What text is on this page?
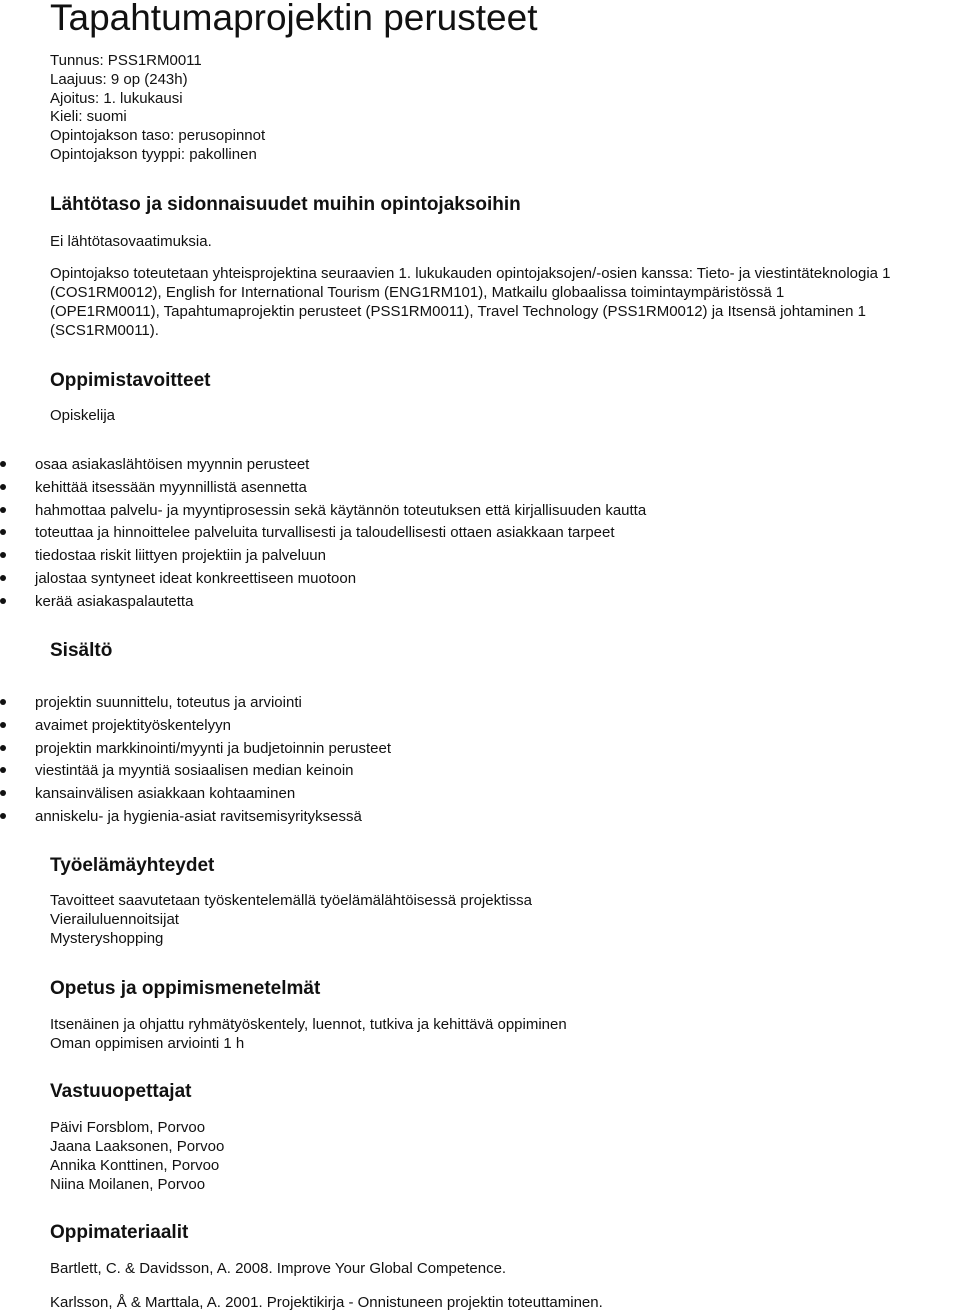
Tapahtumaprojektin perusteet
Tunnus: PSS1RM0011
Laajuus: 9 op (243h)
Ajoitus: 1. lukukausi
Kieli: suomi
Opintojakson taso: perusopinnot
Opintojakson tyyppi: pakollinen
Lähtötaso ja sidonnaisuudet muihin opintojaksoihin

Ei lähtötasovaatimuksia.

Opintojakso toteutetaan yhteisprojektina seuraavien 1. lukukauden opintojaksojen/-osien kanssa: Tieto- ja viestintäteknologia 1
(COS1RM0012), English for International Tourism (ENG1RM101), Matkailu globaalissa toimintaympäristössä 1
(OPE1RM0011), Tapahtumaprojektin perusteet (PSS1RM0011), Travel Technology (PSS1RM0012) ja Itsensä johtaminen 1
(SCS1RM0011).

Oppimistavoitteet

Opiskelija

osaa asiakaslähtöisen myynnin perusteet
kehittää itsessään myynnillistä asennetta
hahmottaa palvelu- ja myyntiprosessin sekä käytännön toteutuksen että kirjallisuuden kautta
toteuttaa ja hinnoittelee palveluita turvallisesti ja taloudellisesti ottaen asiakkaan tarpeet
tiedostaa riskit liittyen projektiin ja palveluun
jalostaa syntyneet ideat konkreettiseen muotoon
kerää asiakaspalautetta
Sisältö
projektin suunnittelu, toteutus ja arviointi
avaimet projektityöskentelyyn
projektin markkinointi/myynti ja budjetoinnin perusteet
viestintää ja myyntiä sosiaalisen median keinoin
kansainvälisen asiakkaan kohtaaminen
anniskelu- ja hygienia-asiat ravitsemisyrityksessä
Työelämäyhteydet
Tavoitteet saavutetaan työskentelemällä työelämälähtöisessä projektissa
Vierailuluennoitsijat
Mysteryshopping
Opetus ja oppimismenetelmät
Itsenäinen ja ohjattu ryhmätyöskentely, luennot, tutkiva ja kehittävä oppiminen
Oman oppimisen arviointi 1 h
Vastuuopettajat
Päivi Forsblom, Porvoo
Jaana Laaksonen, Porvoo
Annika Konttinen, Porvoo
Niina Moilanen, Porvoo
Oppimateriaalit

Bartlett, C. & Davidsson, A. 2008. Improve Your Global Competence.

Karlsson, Å & Marttala, A. 2001. Projektikirja - Onnistuneen projektin toteuttaminen.
